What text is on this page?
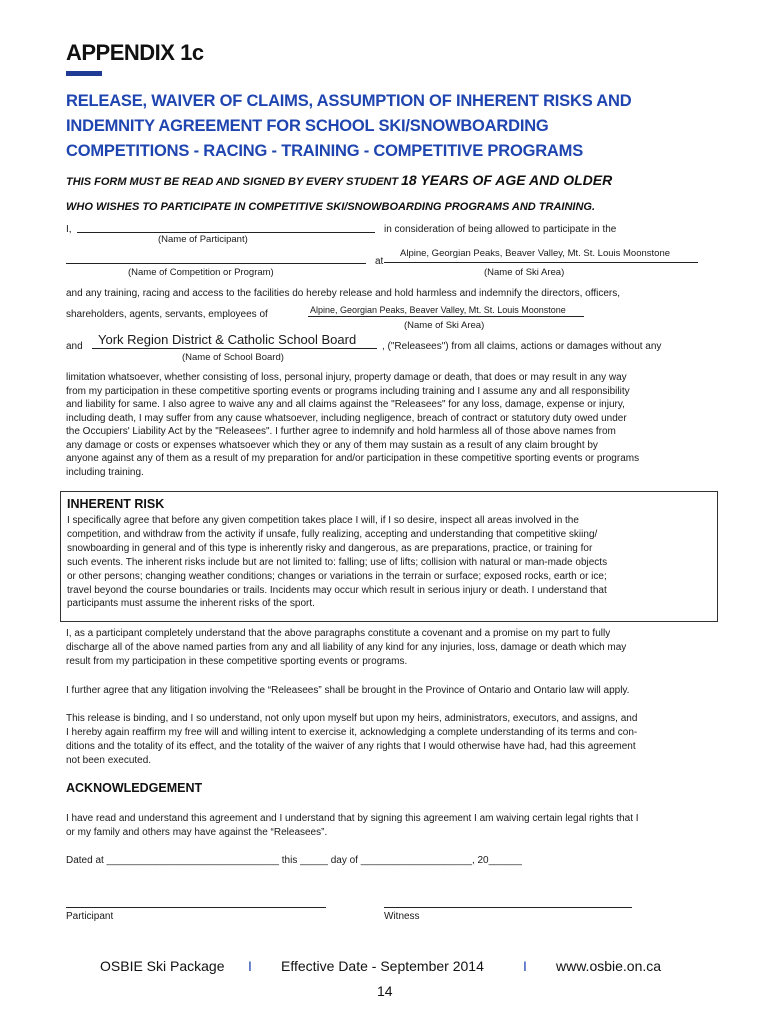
APPENDIX 1c
RELEASE, WAIVER OF CLAIMS, ASSUMPTION OF INHERENT RISKS AND
INDEMNITY AGREEMENT FOR SCHOOL SKI/SNOWBOARDING
COMPETITIONS - RACING - TRAINING - COMPETITIVE PROGRAMS
THIS FORM MUST BE READ AND SIGNED BY EVERY STUDENT 18 YEARS OF AGE AND OLDER
WHO WISHES TO PARTICIPATE IN COMPETITIVE SKI/SNOWBOARDING PROGRAMS AND TRAINING.
I,
(Name of Participant)
in consideration of being allowed to participate in the
(Name of Competition or Program)
at
Alpine, Georgian Peaks, Beaver Valley, Mt. St. Louis Moonstone
(Name of Ski Area)
and any training, racing and access to the facilities do hereby release and hold harmless and indemnify the directors, officers,
shareholders, agents, servants, employees of	Alpine, Georgian Peaks, Beaver Valley, Mt. St. Louis Moonstone
(Name of Ski Area)
and York Region District & Catholic School Board
(Name of School Board)
, ("Releasees") from all claims, actions or damages without any
limitation whatsoever, whether consisting of loss, personal injury, property damage or death, that does or may result in any way
from my participation in these competitive sporting events or programs including training and I assume any and all responsibility
and liability for same. I also agree to waive any and all claims against the "Releasees" for any loss, damage, expense or injury,
including death, I may suffer from any cause whatsoever, including negligence, breach of contract or statutory duty owed under
the Occupiers' Liability Act by the "Releasees". I further agree to indemnify and hold harmless all of those above names from
any damage or costs or expenses whatsoever which they or any of them may sustain as a result of any claim brought by
anyone against any of them as a result of my preparation for and/or participation in these competitive sporting events or programs
including training.
INHERENT RISK
I specifically agree that before any given competition takes place I will, if I so desire, inspect all areas involved in the
competition, and withdraw from the activity if unsafe, fully realizing, accepting and understanding that competitive skiing/
snowboarding in general and of this type is inherently risky and dangerous, as are preparations, practice, or training for
such events. The inherent risks include but are not limited to: falling; use of lifts; collision with natural or man-made objects
or other persons; changing weather conditions; changes or variations in the terrain or surface; exposed rocks, earth or ice;
travel beyond the course boundaries or trails. Incidents may occur which result in serious injury or death. I understand that
participants must assume the inherent risks of the sport.
I, as a participant completely understand that the above paragraphs constitute a covenant and a promise on my part to fully
discharge all of the above named parties from any and all liability of any kind for any injuries, loss, damage or death which may
result from my participation in these competitive sporting events or programs.
I further agree that any litigation involving the “Releasees” shall be brought in the Province of Ontario and Ontario law will apply.
This release is binding, and I so understand, not only upon myself but upon my heirs, administrators, executors, and assigns, and
I hereby again reaffirm my free will and willing intent to exercise it, acknowledging a complete understanding of its terms and con-
ditions and the totality of its effect, and the totality of the waiver of any rights that I would otherwise have had, had this agreement
not been executed.
ACKNOWLEDGEMENT
I have read and understand this agreement and I understand that by signing this agreement I am waiving certain legal rights that I
or my family and others may have against the “Releasees”.
Dated at _______________________________ this _____ day of ____________________, 20______
Participant	Witness
OSBIE Ski Package I Effective Date - September 2014	I www.osbie.on.ca
14
